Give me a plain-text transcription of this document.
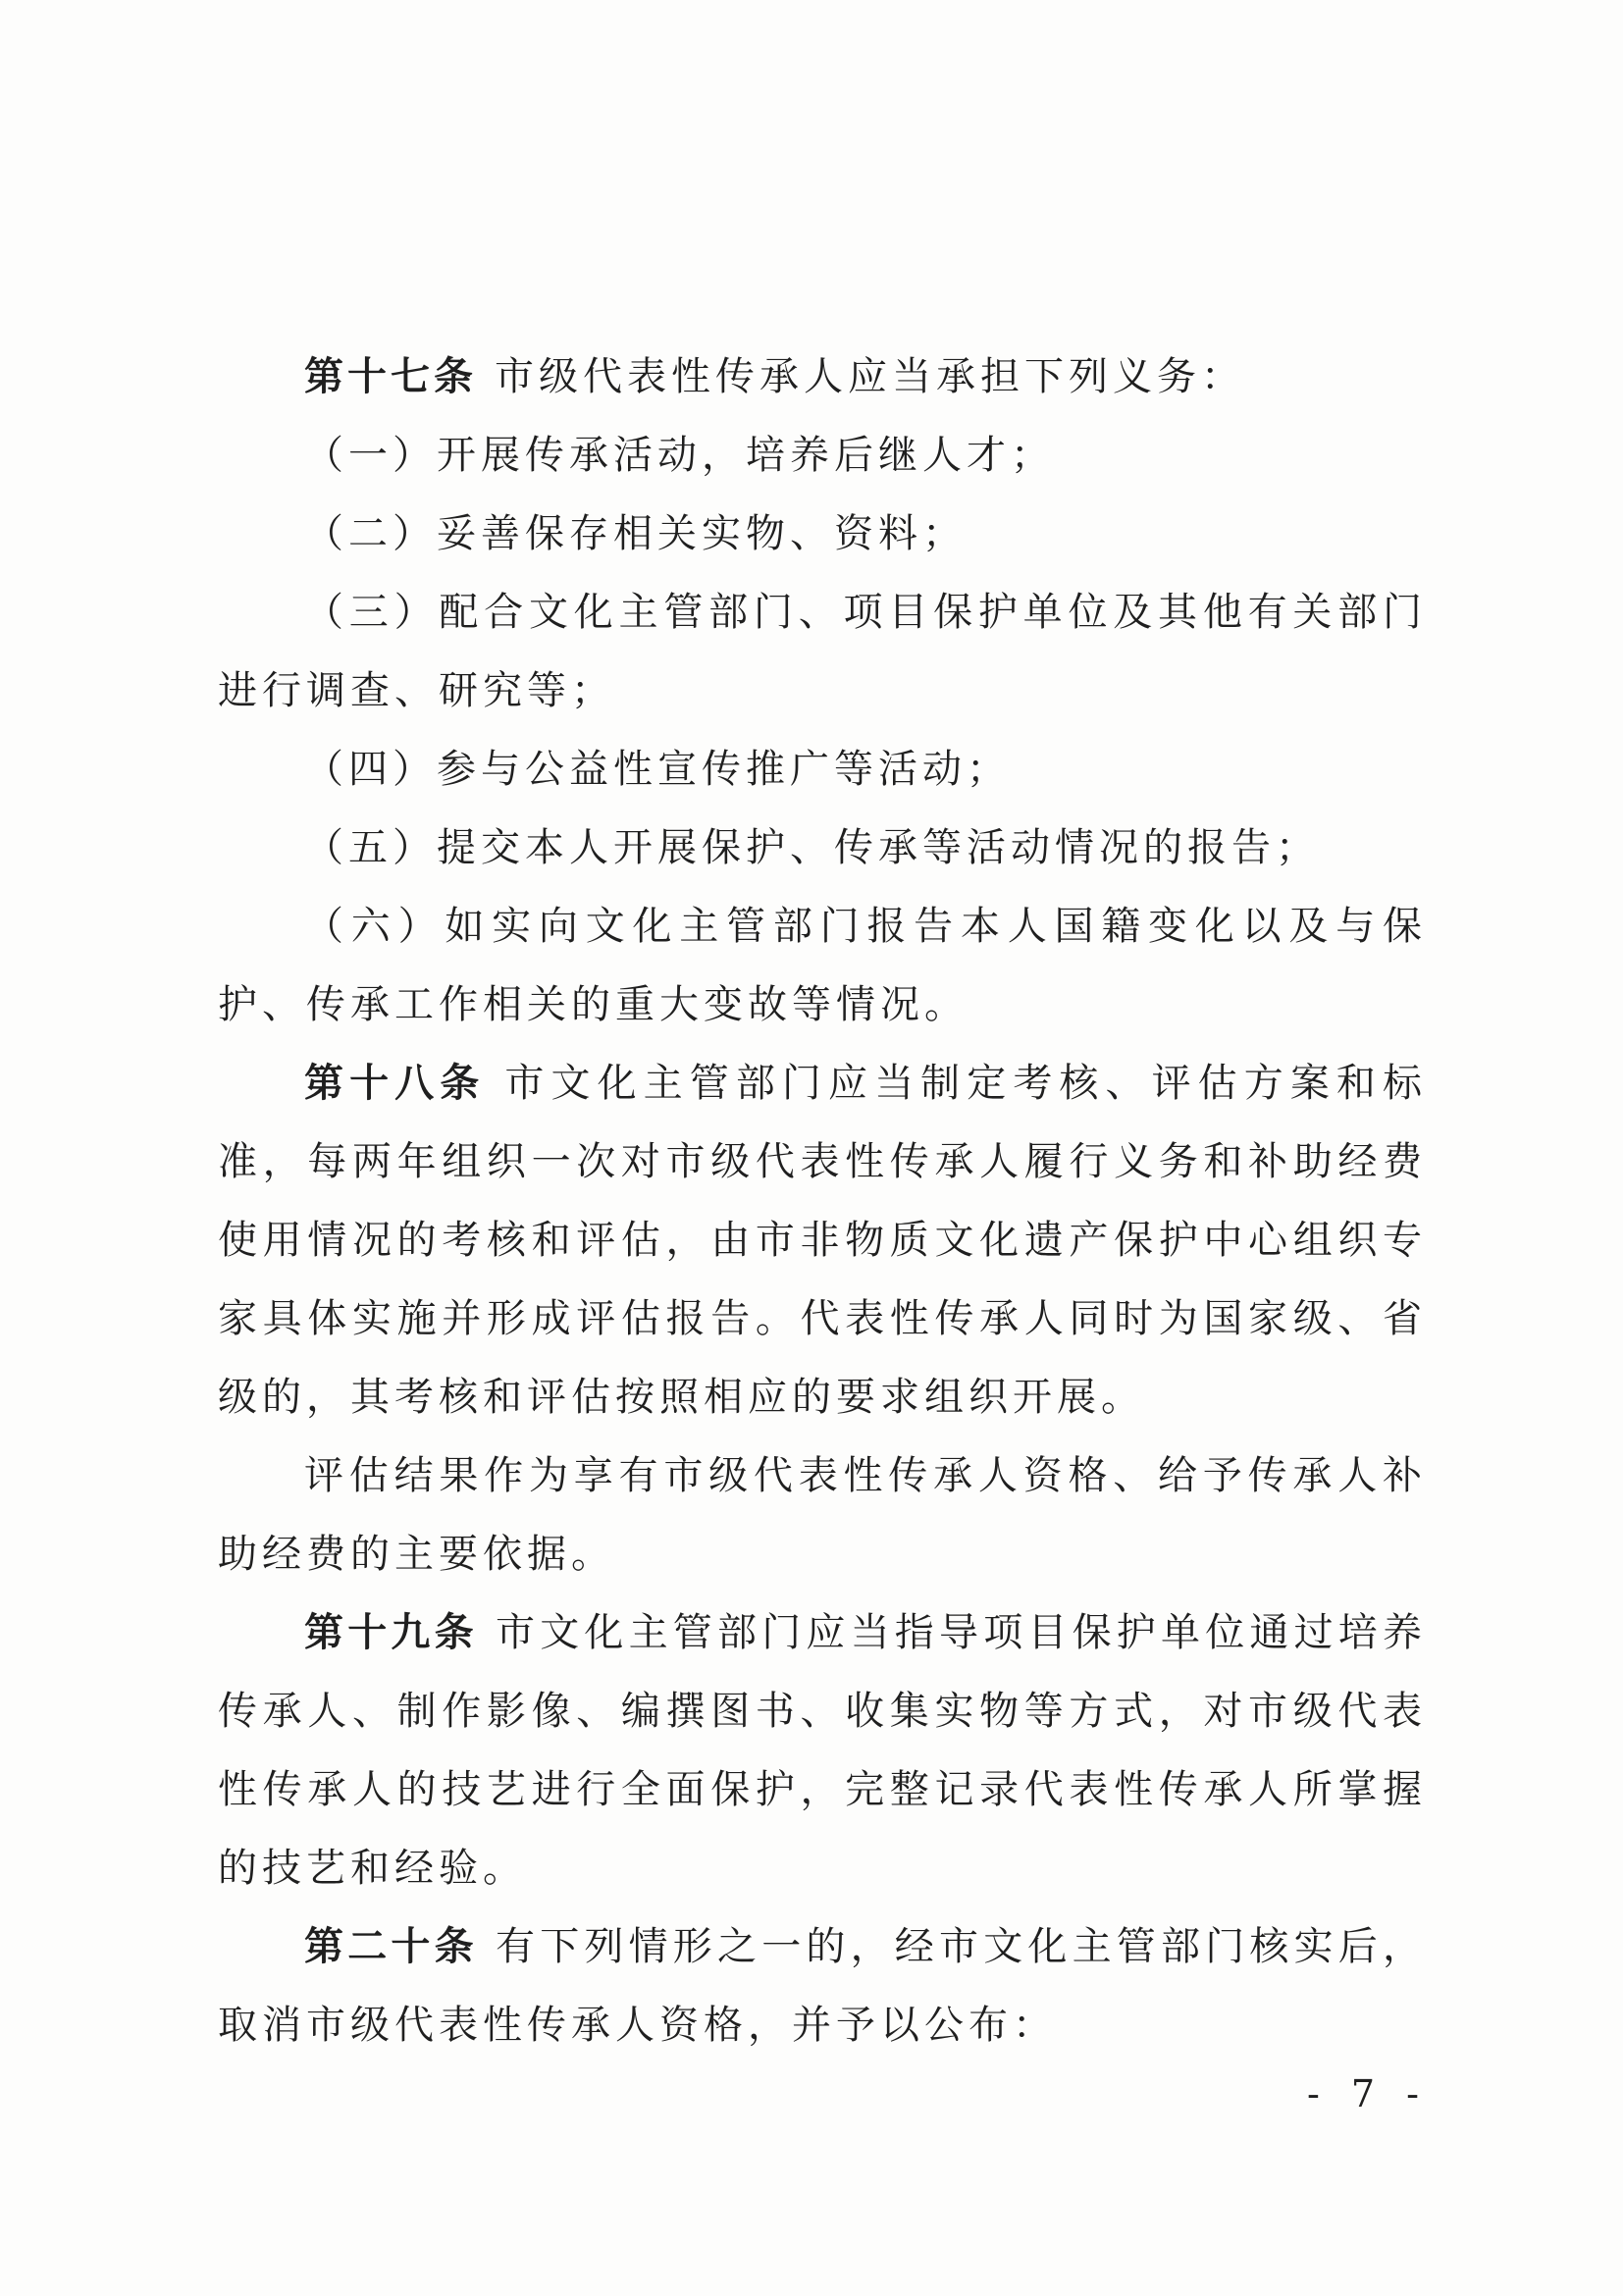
第十七条 市级代表性传承人应当承担下列义务：

（一）开展传承活动，培养后继人才；

（二）妥善保存相关实物、资料；

（三）配合文化主管部门、项目保护单位及其他有关部门进行调查、研究等；

（四）参与公益性宣传推广等活动；

（五）提交本人开展保护、传承等活动情况的报告；

（六）如实向文化主管部门报告本人国籍变化以及与保护、传承工作相关的重大变故等情况。

第十八条 市文化主管部门应当制定考核、评估方案和标准，每两年组织一次对市级代表性传承人履行义务和补助经费使用情况的考核和评估，由市非物质文化遗产保护中心组织专家具体实施并形成评估报告。代表性传承人同时为国家级、省级的，其考核和评估按照相应的要求组织开展。

评估结果作为享有市级代表性传承人资格、给予传承人补助经费的主要依据。

第十九条 市文化主管部门应当指导项目保护单位通过培养传承人、制作影像、编撰图书、收集实物等方式，对市级代表性传承人的技艺进行全面保护，完整记录代表性传承人所掌握的技艺和经验。

第二十条 有下列情形之一的，经市文化主管部门核实后，取消市级代表性传承人资格，并予以公布：

- 7 -
